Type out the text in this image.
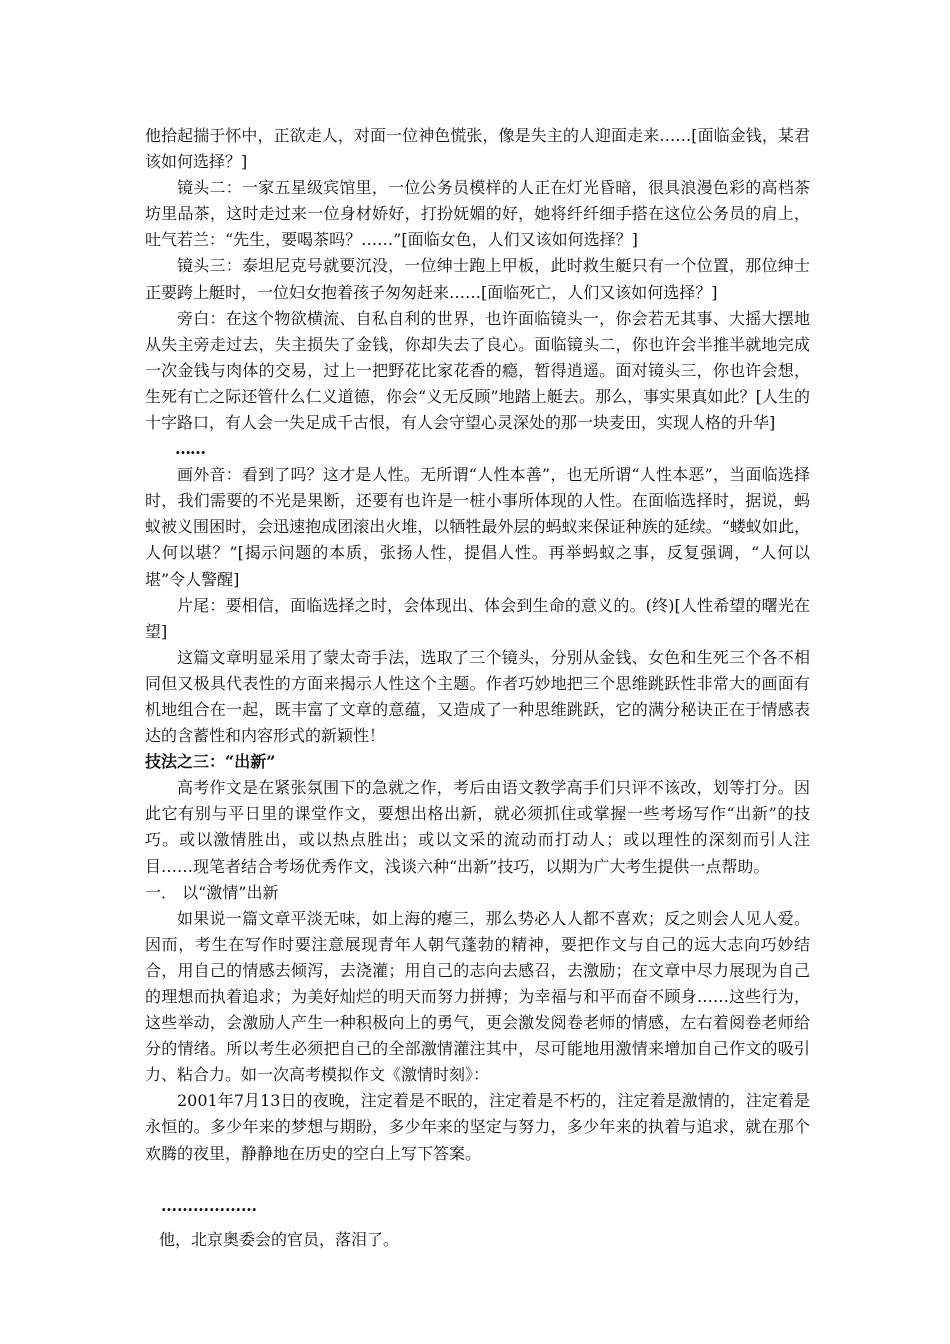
他拾起揣于怀中，正欲走人，对面一位神色慌张，像是失主的人迎面走来……[面临金钱，某君该如何选择？]

镜头二：一家五星级宾馆里，一位公务员模样的人正在灯光昏暗，很具浪漫色彩的高档茶坊里品茶，这时走过来一位身材娇好，打扮妩媚的好，她将纤纤细手搭在这位公务员的肩上，吐气若兰：“先生，要喝茶吗？……”[面临女色，人们又该如何选择？]

镜头三：泰坦尼克号就要沉没，一位绅士跑上甲板，此时救生艇只有一个位置，那位绅士正要跨上艇时，一位妇女抱着孩子匆匆赶来……[面临死亡，人们又该如何选择？]

旁白：在这个物欲横流、自私自利的世界，也许面临镜头一，你会若无其事、大摇大摆地从失主旁走过去，失主损失了金钱，你却失去了良心。面临镜头二，你也许会半推半就地完成一次金钱与肉体的交易，过上一把野花比家花香的瘾，暂得逍遥。面对镜头三，你也许会想，生死有亡之际还管什么仁义道德，你会“义无反顾”地踏上艇去。那么，事实果真如此？[人生的十字路口，有人会一失足成千古恨，有人会守望心灵深处的那一块麦田，实现人格的升华]

……

画外音：看到了吗？这才是人性。无所谓“人性本善”，也无所谓“人性本恶”，当面临选择时，我们需要的不光是果断，还要有也许是一桩小事所体现的人性。在面临选择时，据说，蚂蚁被义围困时，会迅速抱成团滚出火堆，以牺牲最外层的蚂蚁来保证种族的延续。“蝼蚁如此，人何以堪？”[揭示问题的本质，张扬人性，提倡人性。再举蚂蚁之事，反复强调，“人何以堪”令人警醒]

片尾：要相信，面临选择之时，会体现出、体会到生命的意义的。(终)[人性希望的曙光在望]

这篇文章明显采用了蒙太奇手法，选取了三个镜头，分别从金钱、女色和生死三个各不相同但又极具代表性的方面来揭示人性这个主题。作者巧妙地把三个思维跳跃性非常大的画面有机地组合在一起，既丰富了文章的意蕴，又造成了一种思维跳跃，它的满分秘诀正在于情感表达的含蓄性和内容形式的新颖性！

技法之三：“出新”

高考作文是在紧张氛围下的急就之作，考后由语文教学高手们只评不该改，划等打分。因此它有别与平日里的课堂作文，要想出格出新，就必须抓住或掌握一些考场写作“出新”的技巧。或以激情胜出，或以热点胜出；或以文采的流动而打动人；或以理性的深刻而引人注目……现笔者结合考场优秀作文，浅谈六种“出新”技巧，以期为广大考生提供一点帮助。

一． 以“激情”出新

如果说一篇文章平淡无味，如上海的瘪三，那么势必人人都不喜欢；反之则会人见人爱。因而，考生在写作时要注意展现青年人朝气蓬勃的精神，要把作文与自己的远大志向巧妙结合，用自己的情感去倾泻，去浇灌；用自己的志向去感召，去激励；在文章中尽力展现为自己的理想而执着追求；为美好灿烂的明天而努力拼搏；为幸福与和平而奋不顾身……这些行为，这些举动，会激励人产生一种积极向上的勇气，更会激发阅卷老师的情感，左右着阅卷老师给分的情绪。所以考生必须把自己的全部激情灌注其中，尽可能地用激情来增加自己作文的吸引力、粘合力。如一次高考模拟作文《激情时刻》：

2001年7月13日的夜晚，注定着是不眠的，注定着是不朽的，注定着是激情的，注定着是永恒的。多少年来的梦想与期盼，多少年来的坚定与努力，多少年来的执着与追求，就在那个欢腾的夜里，静静地在历史的空白上写下答案。

………………

他，北京奥委会的官员，落泪了。
